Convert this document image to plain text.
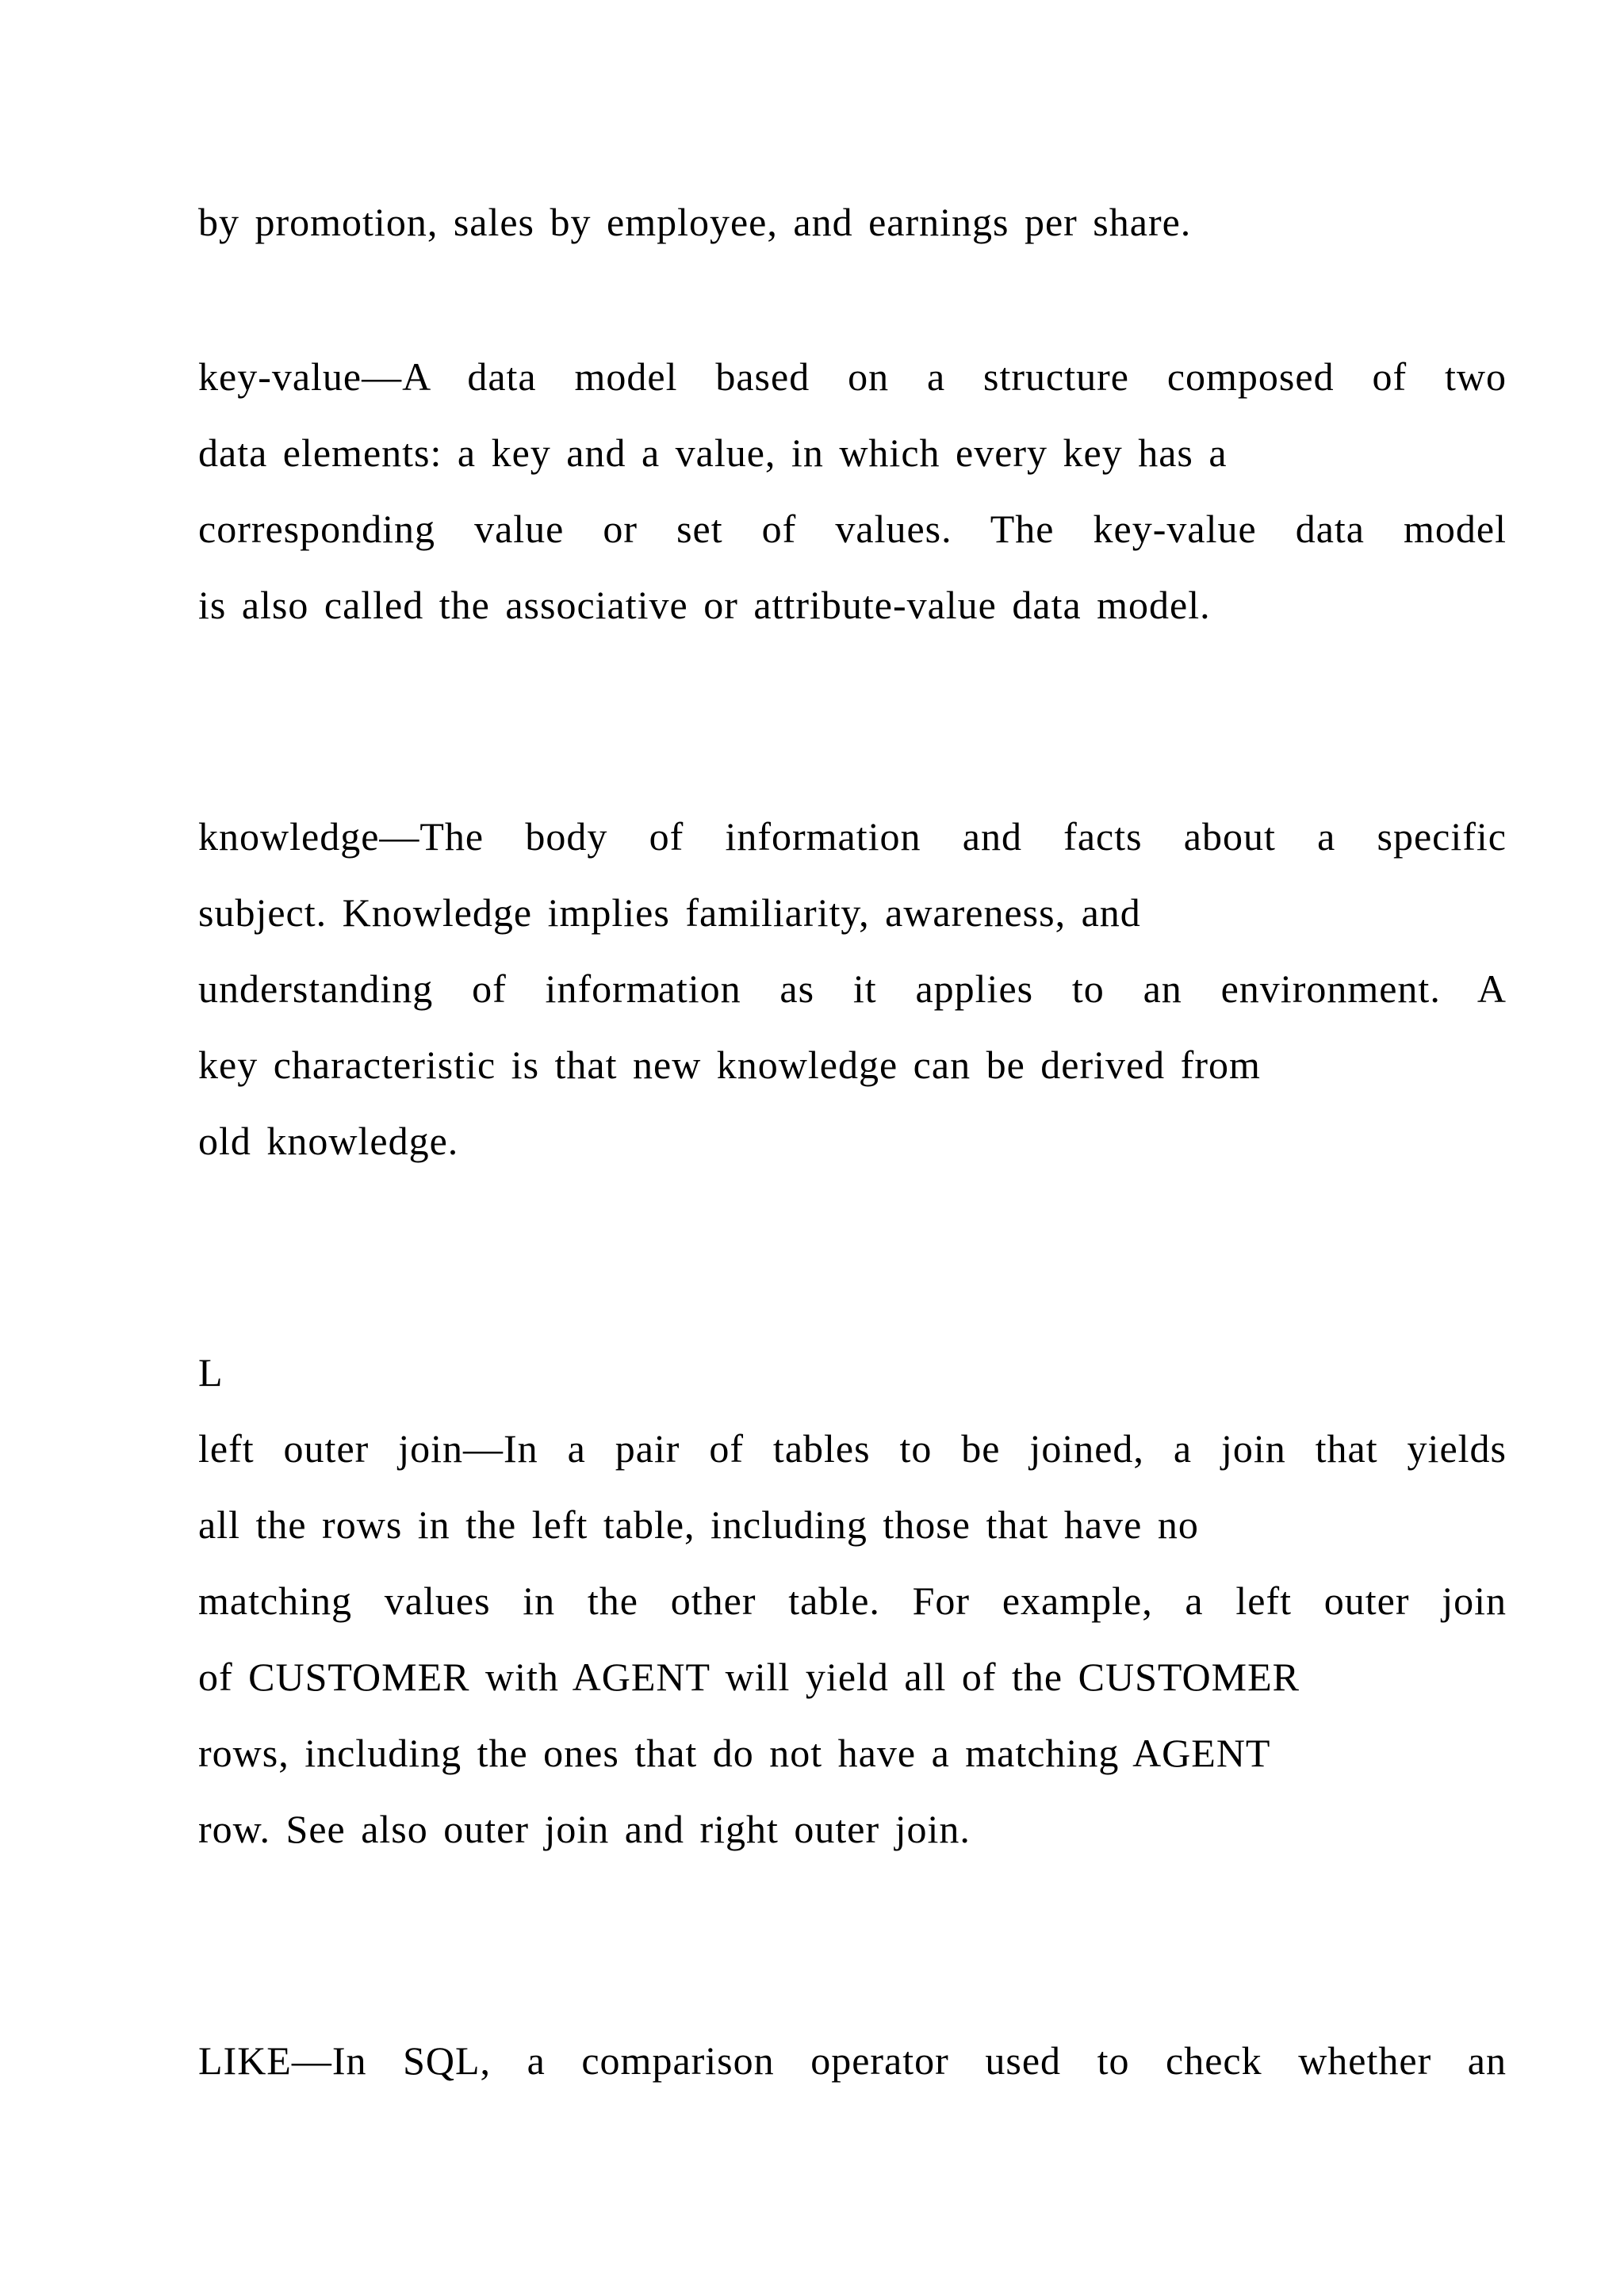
by promotion, sales by employee, and earnings per share.

key-value—A data model based on a structure composed of two

data elements: a key and a value, in which every key has a

corresponding value or set of values. The key-value data model

is also called the associative or attribute-value data model.

knowledge—The body of information and facts about a specific

subject. Knowledge implies familiarity, awareness, and

understanding of information as it applies to an environment. A

key characteristic is that new knowledge can be derived from

old knowledge.

L

left outer join—In a pair of tables to be joined, a join that yields

all the rows in the left table, including those that have no

matching values in the other table. For example, a left outer join

of CUSTOMER with AGENT will yield all of the CUSTOMER

rows, including the ones that do not have a matching AGENT

row. See also outer join and right outer join.

LIKE—In SQL, a comparison operator used to check whether an
